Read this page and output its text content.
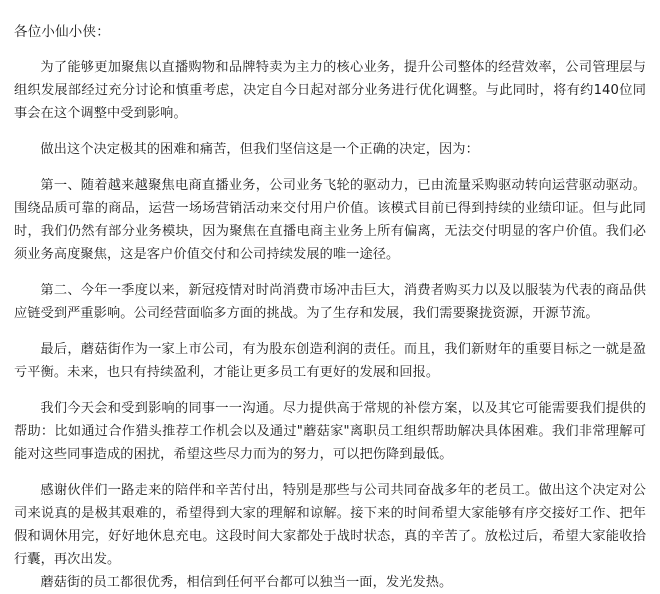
各位小仙小侠：

为了能够更加聚焦以直播购物和品牌特卖为主力的核心业务，提升公司整体的经营效率，公司管理层与组织发展部经过充分讨论和慎重考虑，决定自今日起对部分业务进行优化调整。与此同时，将有约140位同事会在这个调整中受到影响。

做出这个决定极其的困难和痛苦，但我们坚信这是一个正确的决定，因为：

第一、随着越来越聚焦电商直播业务，公司业务飞轮的驱动力，已由流量采购驱动转向运营驱动驱动。围绕品质可靠的商品，运营一场场营销活动来交付用户价值。该模式目前已得到持续的业绩印证。但与此同时，我们仍然有部分业务模块，因为聚焦在直播电商主业务上所有偏离，无法交付明显的客户价值。我们必须业务高度聚焦，这是客户价值交付和公司持续发展的唯一途径。

第二、今年一季度以来，新冠疫情对时尚消费市场冲击巨大，消费者购买力以及以服装为代表的商品供应链受到严重影响。公司经营面临多方面的挑战。为了生存和发展，我们需要聚拢资源，开源节流。

最后，蘑菇街作为一家上市公司，有为股东创造利润的责任。而且，我们新财年的重要目标之一就是盈亏平衡。未来，也只有持续盈利，才能让更多员工有更好的发展和回报。

我们今天会和受到影响的同事一一沟通。尽力提供高于常规的补偿方案，以及其它可能需要我们提供的帮助：比如通过合作猎头推荐工作机会以及通过"蘑菇家"离职员工组织帮助解决具体困难。我们非常理解可能对这些同事造成的困扰，希望这些尽力而为的努力，可以把伤降到最低。

感谢伙伴们一路走来的陪伴和辛苦付出，特别是那些与公司共同奋战多年的老员工。做出这个决定对公司来说真的是极其艰难的，希望得到大家的理解和谅解。接下来的时间希望大家能够有序交接好工作、把年假和调休用完，好好地休息充电。这段时间大家都处于战时状态，真的辛苦了。放松过后，希望大家能收拾行囊，再次出发。

蘑菇街的员工都很优秀，相信到任何平台都可以独当一面，发光发热。
